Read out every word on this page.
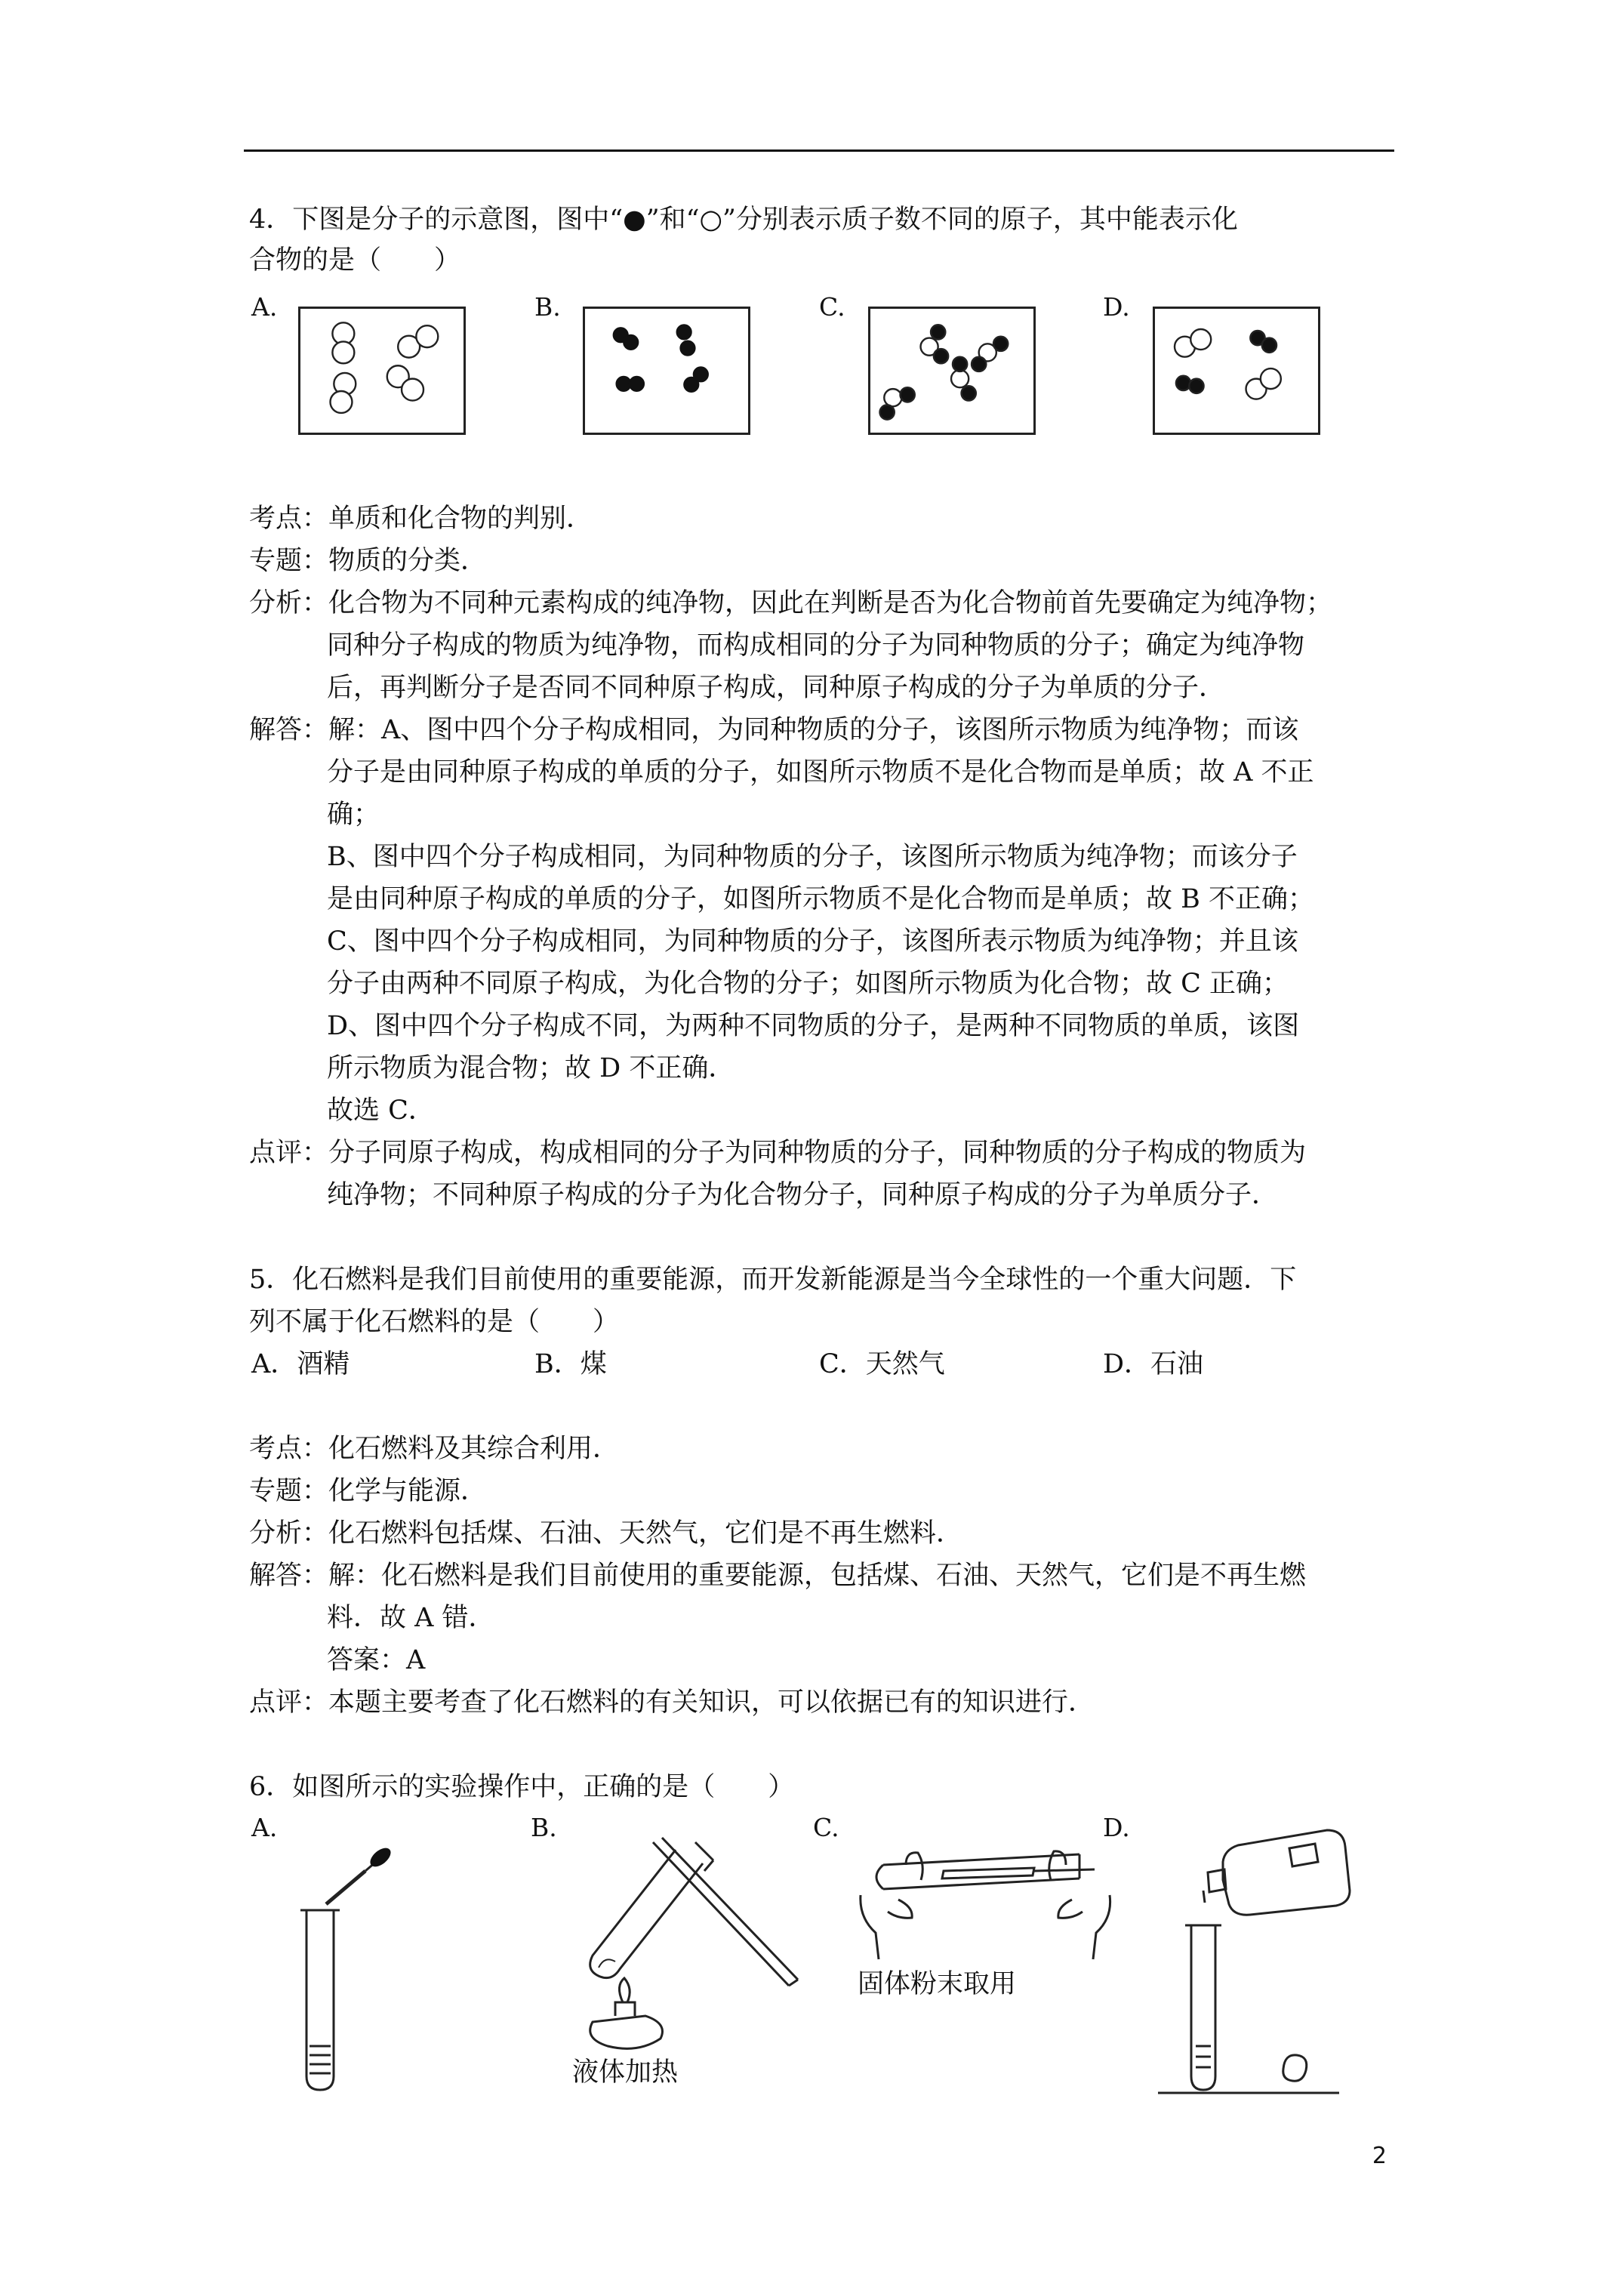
4．下图是分子的示意图，图中“●”和“○”分别表示质子数不同的原子，其中能表示化
合物的是（　　）
A.	B.	C.	D.
考点：单质和化合物的判别．
专题：物质的分类．
分析：化合物为不同种元素构成的纯净物，因此在判断是否为化合物前首先要确定为纯净物；
同种分子构成的物质为纯净物，而构成相同的分子为同种物质的分子；确定为纯净物
后，再判断分子是否同不同种原子构成，同种原子构成的分子为单质的分子．
解答：解：A、图中四个分子构成相同，为同种物质的分子，该图所示物质为纯净物；而该
分子是由同种原子构成的单质的分子，如图所示物质不是化合物而是单质；故 A 不正
确；
B、图中四个分子构成相同，为同种物质的分子，该图所示物质为纯净物；而该分子
是由同种原子构成的单质的分子，如图所示物质不是化合物而是单质；故 B 不正确；
C、图中四个分子构成相同，为同种物质的分子，该图所表示物质为纯净物；并且该
分子由两种不同原子构成，为化合物的分子；如图所示物质为化合物；故 C 正确；
D、图中四个分子构成不同，为两种不同物质的分子，是两种不同物质的单质，该图
所示物质为混合物；故 D 不正确．
故选 C．
点评：分子同原子构成，构成相同的分子为同种物质的分子，同种物质的分子构成的物质为
纯净物；不同种原子构成的分子为化合物分子，同种原子构成的分子为单质分子．
5．化石燃料是我们目前使用的重要能源，而开发新能源是当今全球性的一个重大问题．下
列不属于化石燃料的是（　　）
A．酒精	B．煤	C．天然气	D．石油
考点：化石燃料及其综合利用．
专题：化学与能源．
分析：化石燃料包括煤、石油、天然气，它们是不再生燃料．
解答：解：化石燃料是我们目前使用的重要能源，包括煤、石油、天然气，它们是不再生燃
料．故 A 错．
答案：A
点评：本题主要考查了化石燃料的有关知识，可以依据已有的知识进行．
6．如图所示的实验操作中，正确的是（　　）
A.	B.	C.	D.
液体加热
固体粉末取用
2
